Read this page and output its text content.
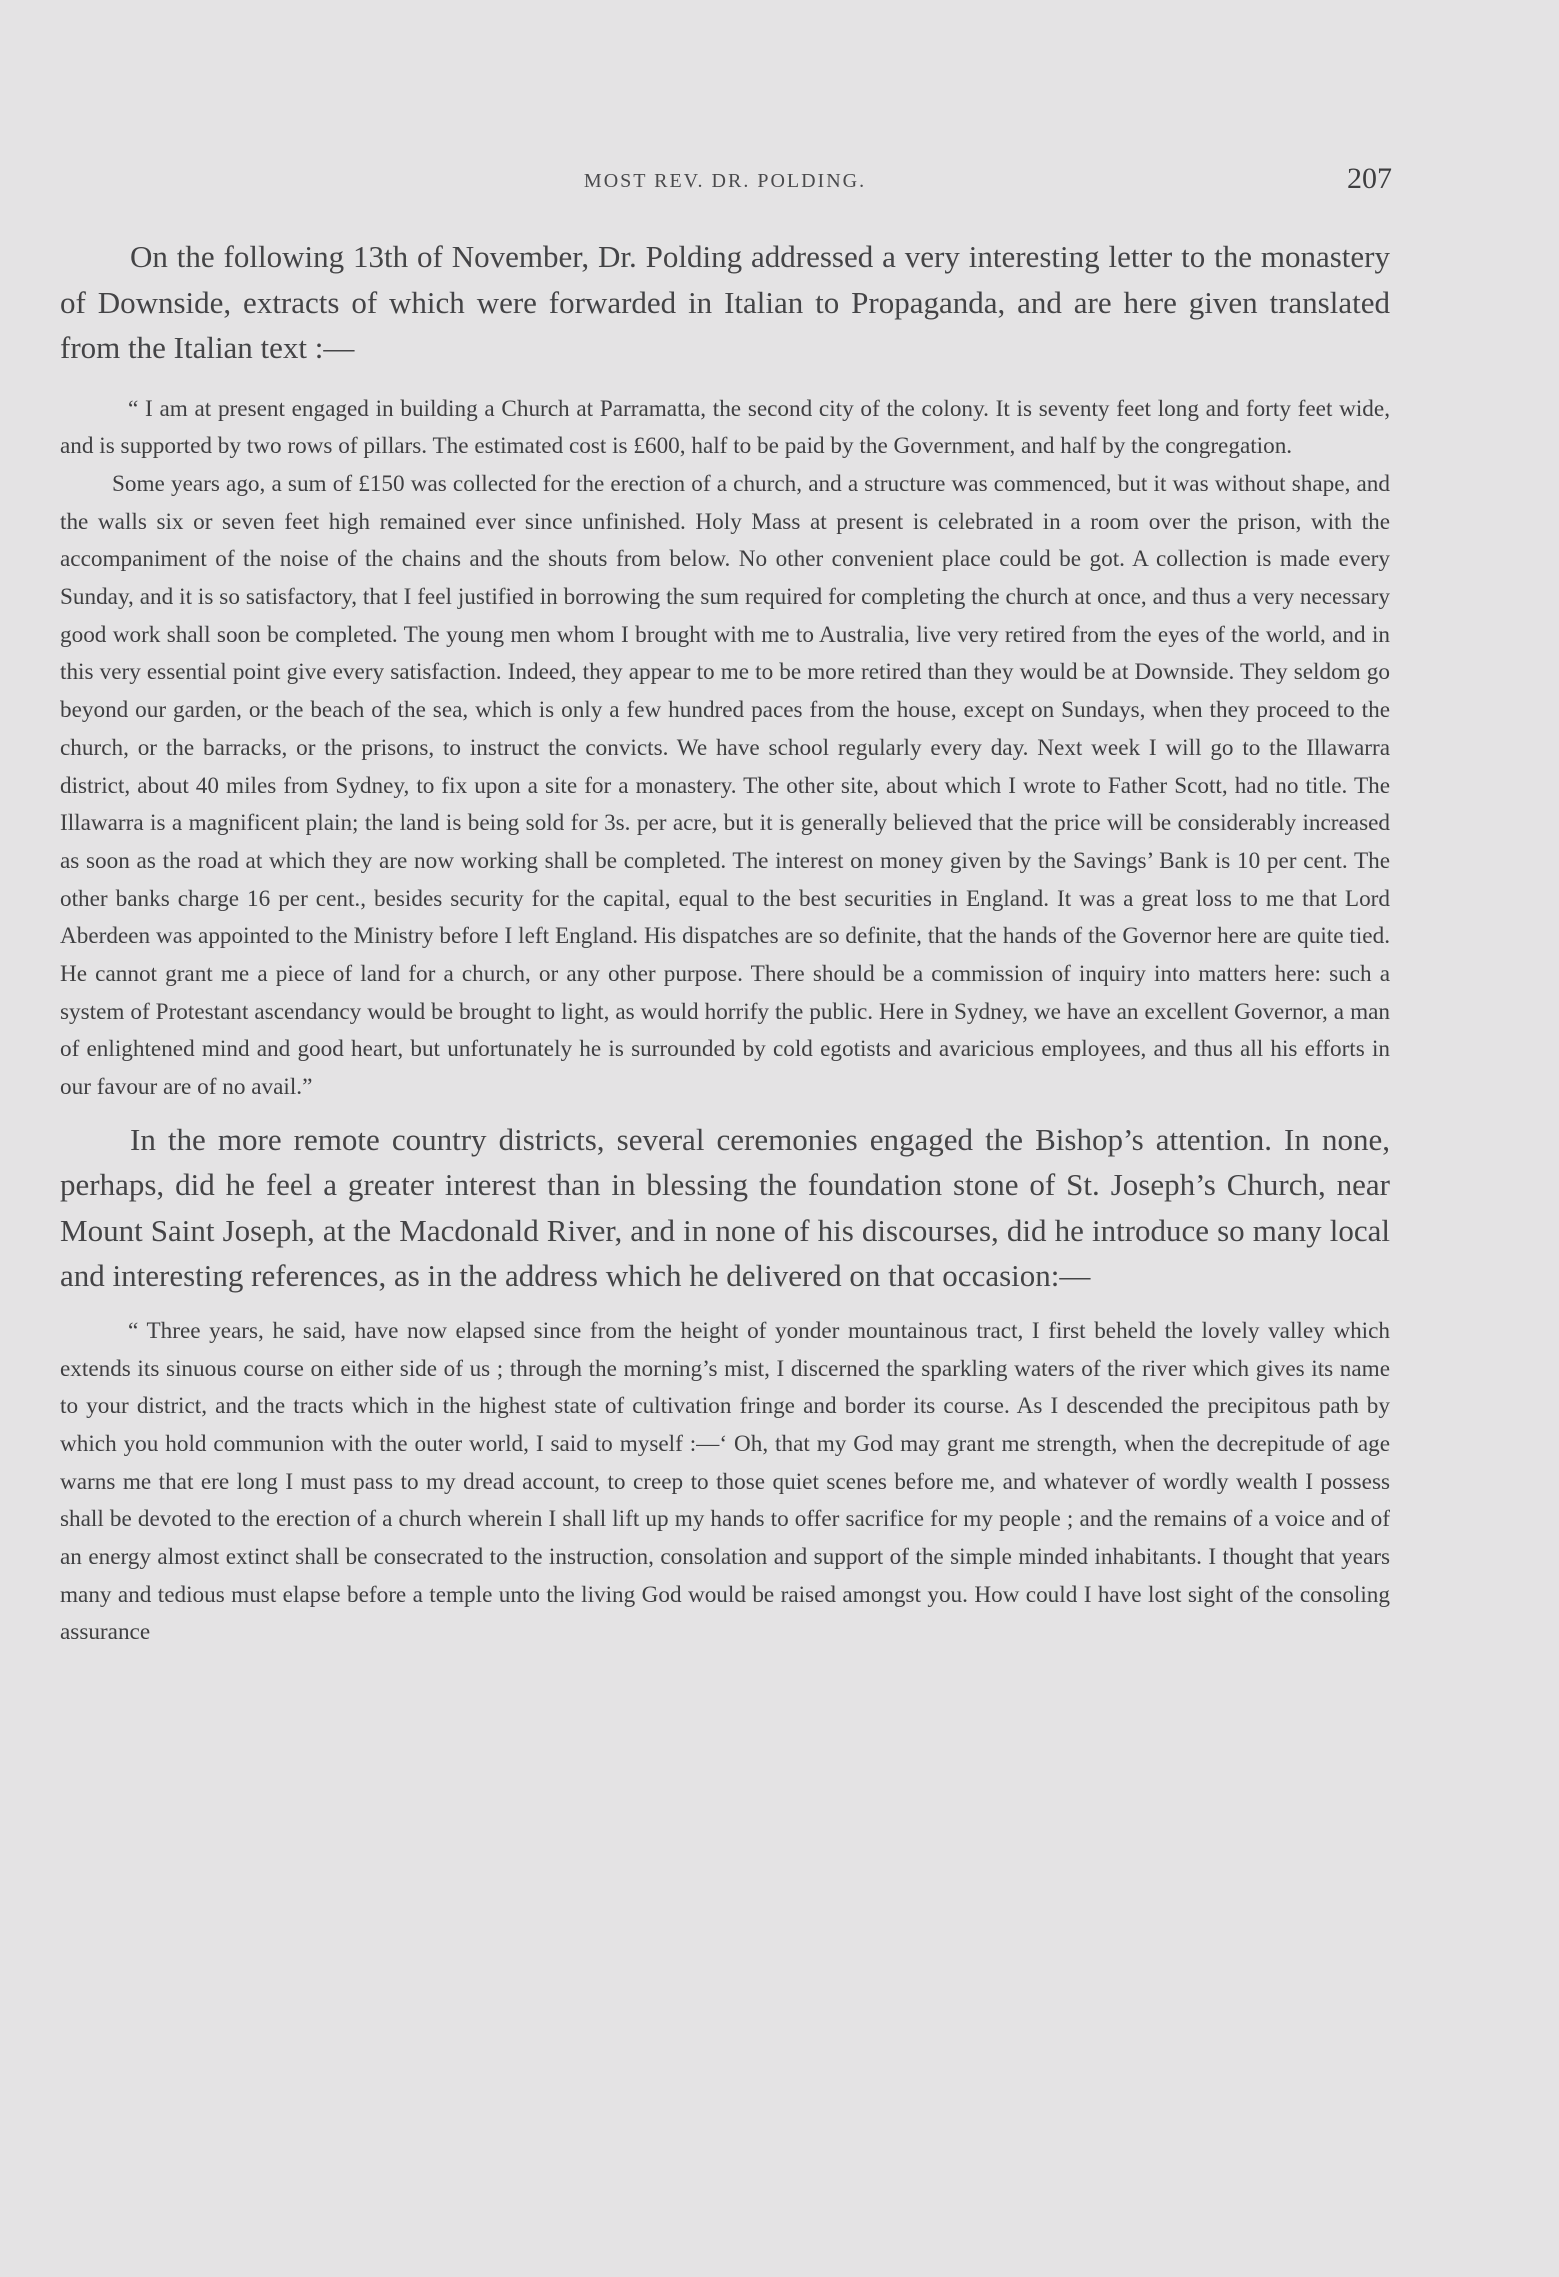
MOST REV. DR. POLDING.	207

On the following 13th of November, Dr. Polding addressed a very interesting letter to the monastery of Downside, extracts of which were forwarded in Italian to Propaganda, and are here given translated from the Italian text :—

“ I am at present engaged in building a Church at Parramatta, the second city of the colony. It is seventy feet long and forty feet wide, and is supported by two rows of pillars. The estimated cost is £600, half to be paid by the Government, and half by the congregation.

Some years ago, a sum of £150 was collected for the erection of a church, and a structure was commenced, but it was without shape, and the walls six or seven feet high remained ever since unfinished. Holy Mass at present is celebrated in a room over the prison, with the accompaniment of the noise of the chains and the shouts from below. No other convenient place could be got. A collection is made every Sunday, and it is so satisfactory, that I feel justified in borrowing the sum required for completing the church at once, and thus a very necessary good work shall soon be completed. The young men whom I brought with me to Australia, live very retired from the eyes of the world, and in this very essential point give every satisfaction. Indeed, they appear to me to be more retired than they would be at Downside. They seldom go beyond our garden, or the beach of the sea, which is only a few hundred paces from the house, except on Sundays, when they proceed to the church, or the barracks, or the prisons, to instruct the convicts. We have school regularly every day. Next week I will go to the Illawarra district, about 40 miles from Sydney, to fix upon a site for a monastery. The other site, about which I wrote to Father Scott, had no title. The Illawarra is a magnificent plain; the land is being sold for 3s. per acre, but it is generally believed that the price will be considerably increased as soon as the road at which they are now working shall be completed. The interest on money given by the Savings’ Bank is 10 per cent. The other banks charge 16 per cent., besides security for the capital, equal to the best securities in England. It was a great loss to me that Lord Aberdeen was appointed to the Ministry before I left England. His dispatches are so definite, that the hands of the Governor here are quite tied. He cannot grant me a piece of land for a church, or any other purpose. There should be a commission of inquiry into matters here: such a system of Protestant ascendancy would be brought to light, as would horrify the public. Here in Sydney, we have an excellent Governor, a man of enlightened mind and good heart, but unfortunately he is surrounded by cold egotists and avaricious employees, and thus all his efforts in our favour are of no avail.”

In the more remote country districts, several ceremonies engaged the Bishop’s attention. In none, perhaps, did he feel a greater interest than in blessing the foundation stone of St. Joseph’s Church, near Mount Saint Joseph, at the Macdonald River, and in none of his discourses, did he introduce so many local and interesting references, as in the address which he delivered on that occasion:—

“ Three years, he said, have now elapsed since from the height of yonder mountainous tract, I first beheld the lovely valley which extends its sinuous course on either side of us ; through the morning’s mist, I discerned the sparkling waters of the river which gives its name to your district, and the tracts which in the highest state of cultivation fringe and border its course. As I descended the precipitous path by which you hold communion with the outer world, I said to myself :—‘ Oh, that my God may grant me strength, when the decrepitude of age warns me that ere long I must pass to my dread account, to creep to those quiet scenes before me, and whatever of wordly wealth I possess shall be devoted to the erection of a church wherein I shall lift up my hands to offer sacrifice for my people ; and the remains of a voice and of an energy almost extinct shall be consecrated to the instruction, consolation and support of the simple minded inhabitants. I thought that years many and tedious must elapse before a temple unto the living God would be raised amongst you. How could I have lost sight of the consoling assurance
